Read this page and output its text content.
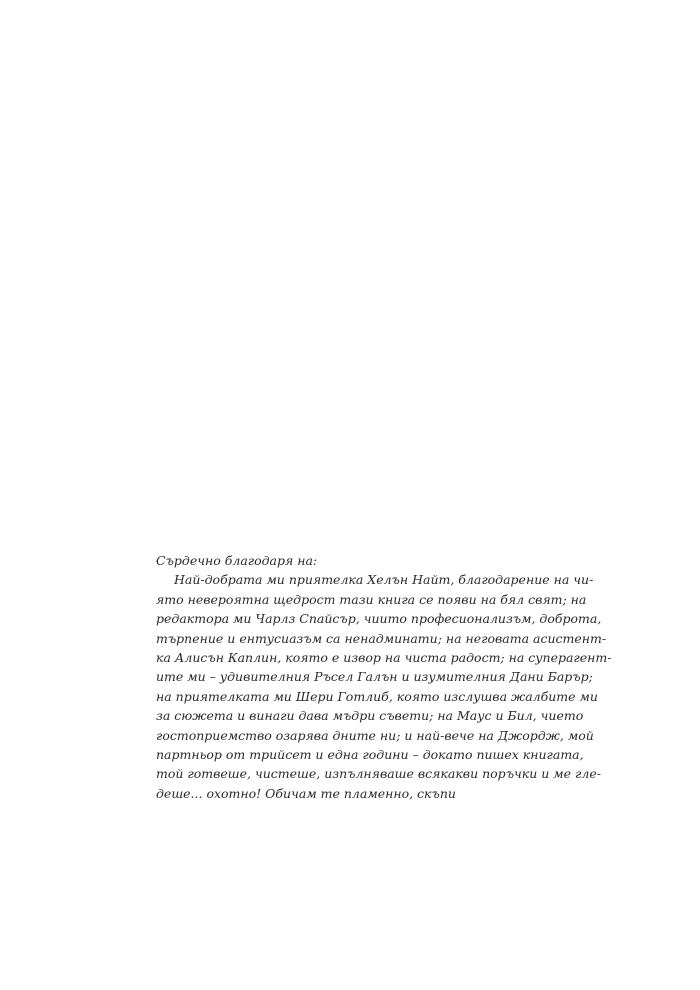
Сърдечно благодаря на:
Най-добрата ми приятелка Хелън Найт, благодарение на чи-
ято невероятна щедрост тази книга се появи на бял свят; на
редактора ми Чарлз Спайсър, чиито професионализъм, доброта,
търпение и ентусиазъм са ненадминати; на неговата асистент-
ка Алисън Каплин, която е извор на чиста радост; на суперагент-
ите ми – удивителния Ръсел Галън и изумителния Дани Барър;
на приятелката ми Шери Готлиб, която изслушва жалбите ми
за сюжета и винаги дава мъдри съвети; на Маус и Бил, чието
гостоприемство озарява дните ни; и най-вече на Джордж, мой
партньор от трийсет и една години – докато пишех книгата,
той готвеше, чистеше, изпълняваше всякакви поръчки и ме гле-
деше... охотно! Обичам те пламенно, скъпи
